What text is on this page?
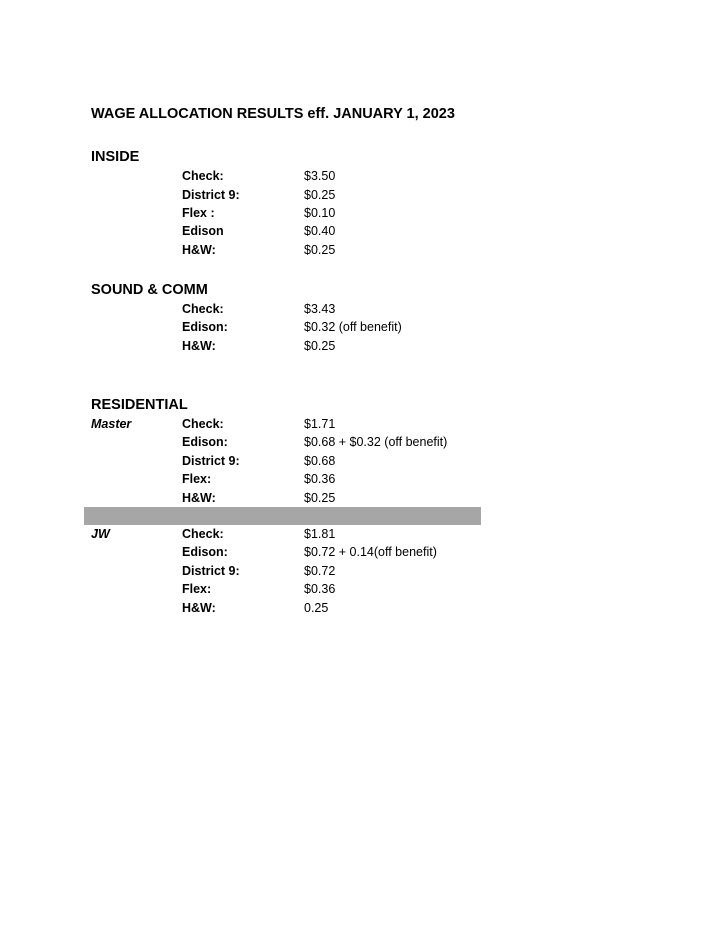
WAGE ALLOCATION RESULTS eff. JANUARY 1, 2023
INSIDE
Check:	$3.50
District 9:	$0.25
Flex :	$0.10
Edison	$0.40
H&W:	$0.25
SOUND & COMM
Check:	$3.43
Edison:	$0.32 (off benefit)
H&W:	$0.25
RESIDENTIAL
Master	Check:	$1.71
Edison:	$0.68 + $0.32 (off benefit)
District 9:	$0.68
Flex:	$0.36
H&W:	$0.25
JW	Check:	$1.81
Edison:	$0.72 + 0.14(off benefit)
District 9:	$0.72
Flex:	$0.36
H&W:	0.25
